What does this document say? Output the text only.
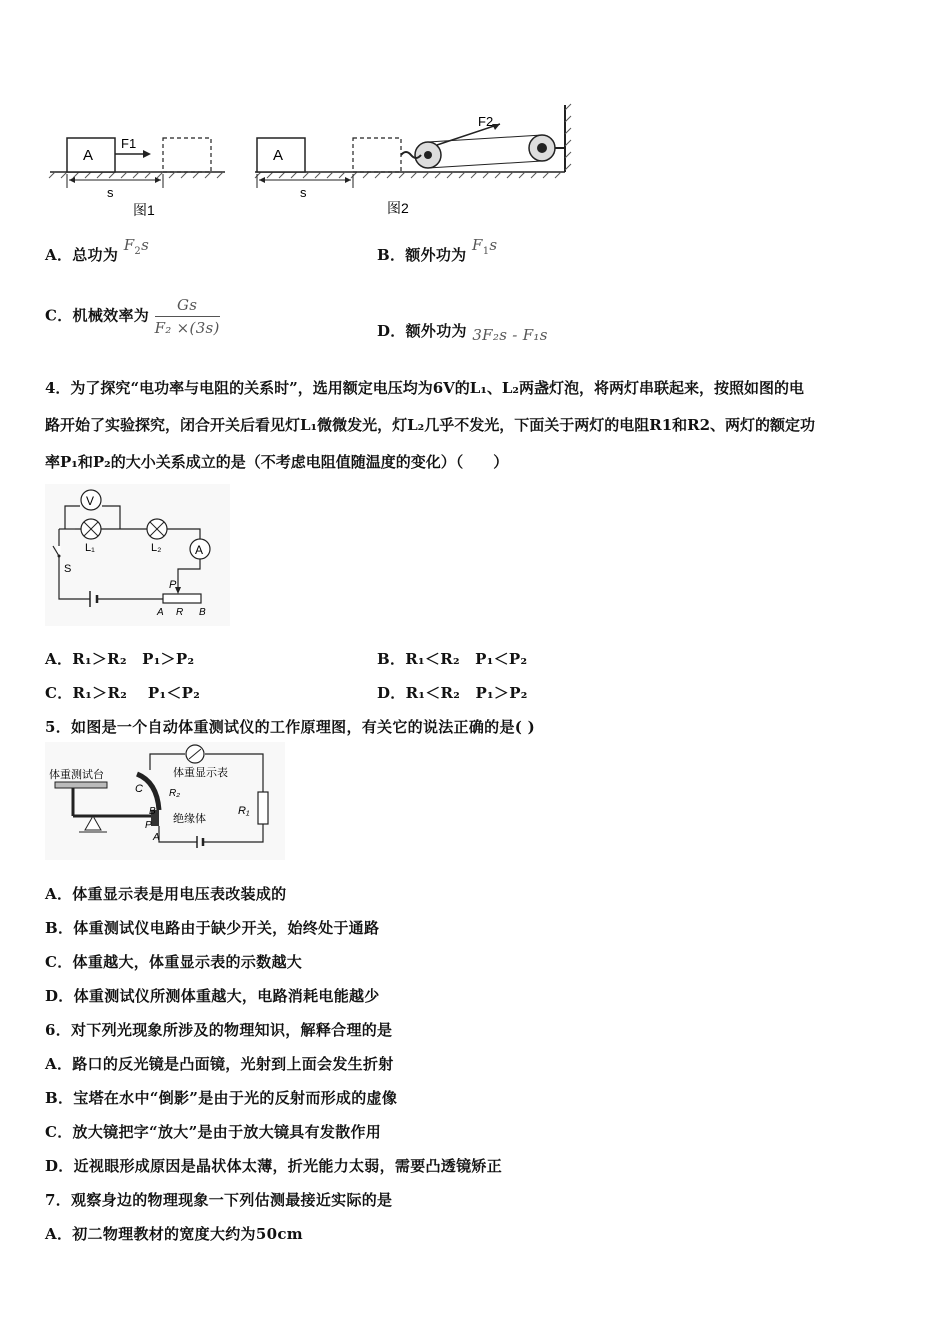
A
F1
s
图1
A
F2
s
图2
A．总功为 $F_2s$
B．额外功为 $F_1s$
C．机械效率为 $\frac{Gs}{\text{F₂ ×(3s)}}$	D．额外功为 3F₂s - F₁s
4．为了探究“电功率与电阻的关系时”，选用额定电压均为6V的L₁、L₂两盏灯泡，将两灯串联起来，按照如图的电
路开始了实验探究，闭合开关后看见灯L₁微微发光，灯L₂几乎不发光，下面关于两灯的电阻R1和R2、两灯的额定功
率P₁和P₂的大小关系成立的是（不考虑电阻值随温度的变化）（　　）
V
L₁	L₂	A
S
P
A R B
A．R₁＞R₂　P₁＞P₂	B．R₁＜R₂　P₁＜P₂
C．R₁＞R₂　 P₁＜P₂	D．R₁＜R₂　P₁＞P₂
5．如图是一个自动体重测试仪的工作原理图，有关它的说法正确的是( )
体重测试台
绝缘体
C	R₂
B
P
A
体重显示表
R₁
A．体重显示表是用电压表改装成的
B．体重测试仪电路由于缺少开关，始终处于通路
C．体重越大，体重显示表的示数越大
D．体重测试仪所测体重越大，电路消耗电能越少
6．对下列光现象所涉及的物理知识，解释合理的是
A．路口的反光镜是凸面镜，光射到上面会发生折射
B．宝塔在水中“倒影”是由于光的反射而形成的虚像
C．放大镜把字“放大”是由于放大镜具有发散作用
D．近视眼形成原因是晶状体太薄，折光能力太弱，需要凸透镜矫正
7．观察身边的物理现象一下列估测最接近实际的是
A．初二物理教材的宽度大约为50cm
